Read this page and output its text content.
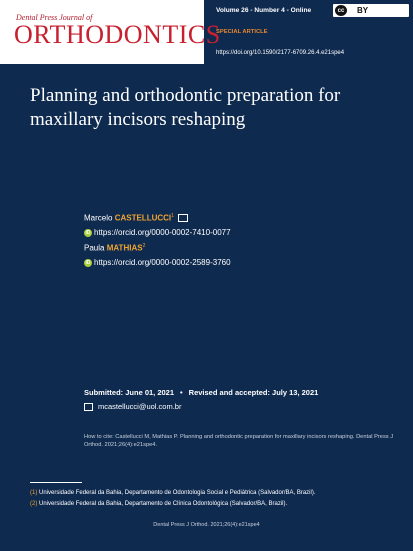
Dental Press Journal of
ORTHODONTICS
Volume 26 - Number 4 - Online	cc	BY
SPECIAL ARTICLE
https://doi.org/10.1590/2177-6709.26.4.e21spe4
Planning and orthodontic preparation for maxillary incisors reshaping
Marcelo CASTELLUCCI$^1$
iD https://orcid.org/0000-0002-7410-0077
Paula MATHIAS$^2$
iD https://orcid.org/0000-0002-2589-3760
Submitted: June 01, 2021 • Revised and accepted: July 13, 2021
mcastellucci@uol.com.br
How to cite: Castellucci M, Mathias P. Planning and orthodontic preparation for maxillary incisors reshaping. Dental Press J Orthod. 2021;26(4):e21spe4.
(1) Universidade Federal da Bahia, Departamento de Odontologia Social e Pediátrica (Salvador/BA, Brazil).
(2) Universidade Federal da Bahia, Departamento de Clínica Odontológica (Salvador/BA, Brazil).
Dental Press J Orthod. 2021;26(4):e21spe4
